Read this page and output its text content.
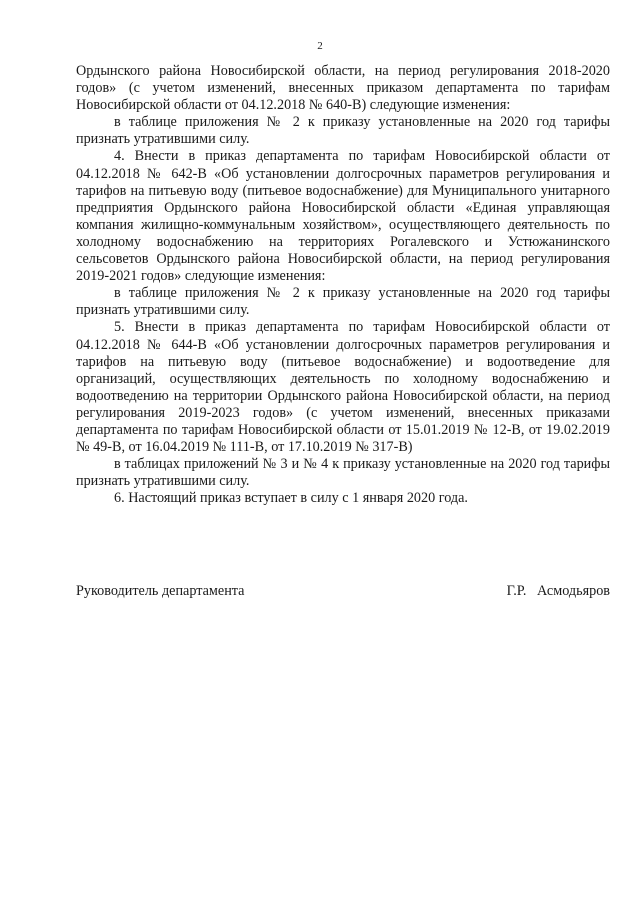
2

Ордынского района Новосибирской области, на период регулирования 2018-2020 годов» (с учетом изменений, внесенных приказом департамента по тарифам Новосибирской области от 04.12.2018 № 640-В) следующие изменения:

в таблице приложения № 2 к приказу установленные на 2020 год тарифы признать утратившими силу.

4. Внести в приказ департамента по тарифам Новосибирской области от 04.12.2018 № 642-В «Об установлении долгосрочных параметров регулирования и тарифов на питьевую воду (питьевое водоснабжение) для Муниципального унитарного предприятия Ордынского района Новосибирской области «Единая управляющая компания жилищно-коммунальным хозяйством», осуществляющего деятельность по холодному водоснабжению на территориях Рогалевского и Устюжанинского сельсоветов Ордынского района Новосибирской области, на период регулирования 2019-2021 годов» следующие изменения:

в таблице приложения № 2 к приказу установленные на 2020 год тарифы признать утратившими силу.

5. Внести в приказ департамента по тарифам Новосибирской области от 04.12.2018 № 644-В «Об установлении долгосрочных параметров регулирования и тарифов на питьевую воду (питьевое водоснабжение) и водоотведение для организаций, осуществляющих деятельность по холодному водоснабжению и водоотведению на территории Ордынского района Новосибирской области, на период регулирования 2019-2023 годов» (с учетом изменений, внесенных приказами департамента по тарифам Новосибирской области от 15.01.2019 № 12-В, от 19.02.2019 № 49-В, от 16.04.2019 № 111-В, от 17.10.2019 № 317-В)

в таблицах приложений № 3 и № 4 к приказу установленные на 2020 год тарифы признать утратившими силу.

6. Настоящий приказ вступает в силу с 1 января 2020 года.

Руководитель департамента	Г.Р.   Асмодьяров
